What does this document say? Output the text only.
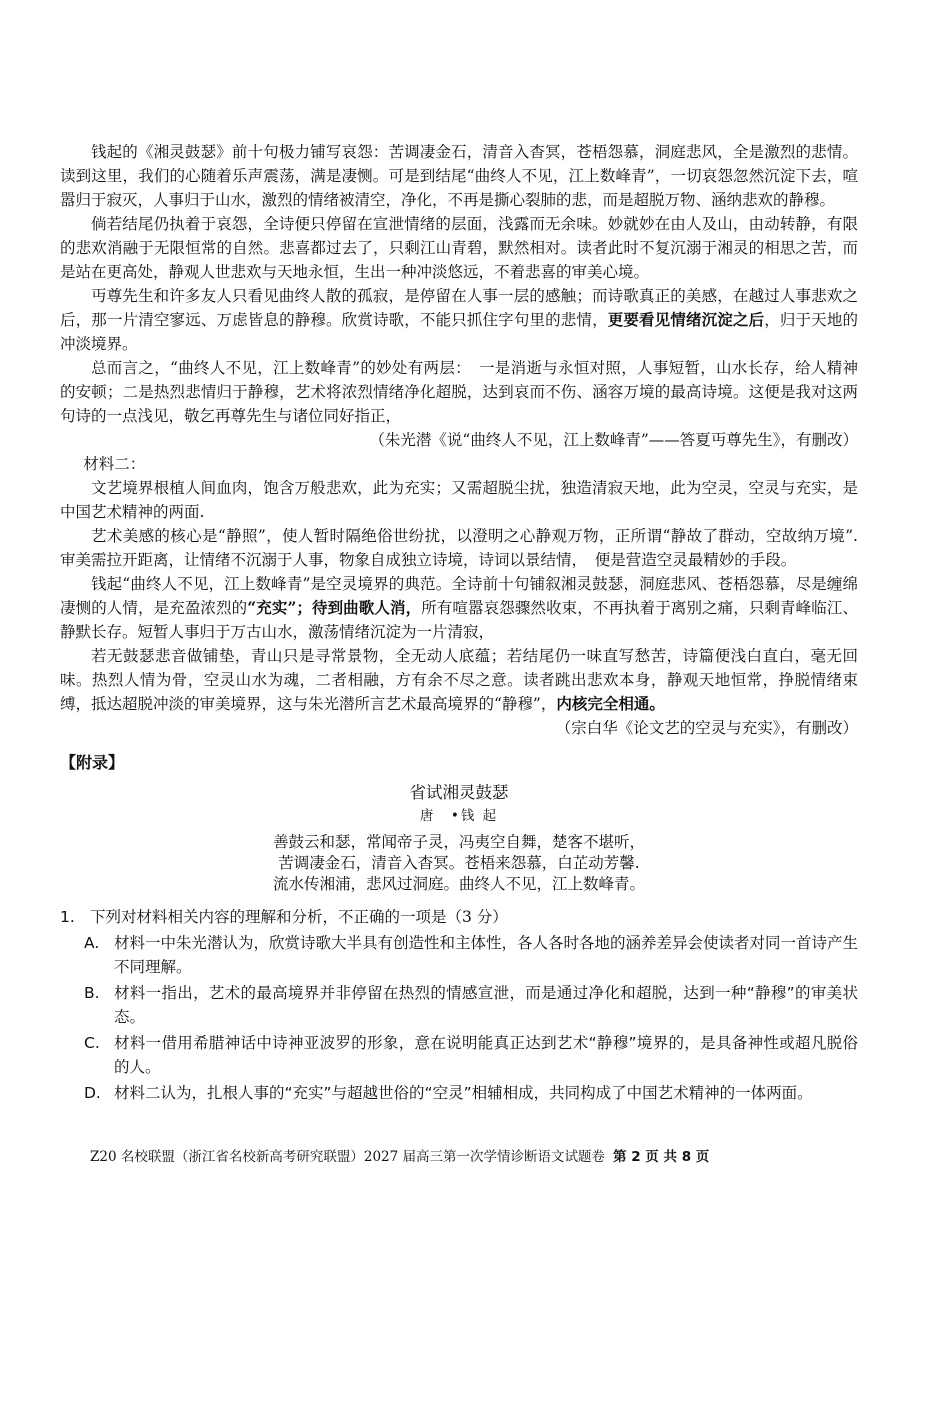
钱起的《湘灵鼓瑟》前十句极力铺写哀怨：苦调凄金石，清音入杳冥，苍梧怨慕，洞庭悲风，全是激烈的悲情。读到这里，我们的心随着乐声震荡，满是凄恻。可是到结尾“曲终人不见，江上数峰青”，一切哀怨忽然沉淀下去，喧嚣归于寂灭，人事归于山水，激烈的情绪被清空，净化，不再是撕心裂肺的悲，而是超脱万物、涵纳悲欢的静穆。

倘若结尾仍执着于哀怨，全诗便只停留在宣泄情绪的层面，浅露而无余味。妙就妙在由人及山，由动转静，有限的悲欢消融于无限恒常的自然。悲喜都过去了，只剩江山青碧，默然相对。读者此时不复沉溺于湘灵的相思之苦，而是站在更高处，静观人世悲欢与天地永恒，生出一种冲淡悠远，不着悲喜的审美心境。

丏尊先生和许多友人只看见曲终人散的孤寂，是停留在人事一层的感触；而诗歌真正的美感，在越过人事悲欢之后，那一片清空寥远、万虑皆息的静穆。欣赏诗歌，不能只抓住字句里的悲情，更要看见情绪沉淀之后，归于天地的冲淡境界。

总而言之，“曲终人不见，江上数峰青”的妙处有两层：　一是消逝与永恒对照，人事短暂，山水长存，给人精神的安顿；二是热烈悲情归于静穆，艺术将浓烈情绪净化超脱，达到哀而不伤、涵容万境的最高诗境。这便是我对这两句诗的一点浅见，敬乞再尊先生与诸位同好指正，

（朱光潜《说“曲终人不见，江上数峰青”——答夏丏尊先生》，有删改）

材料二：

文艺境界根植人间血肉，饱含万般悲欢，此为充实；又需超脱尘扰，独造清寂天地，此为空灵，空灵与充实，是中国艺术精神的两面.

艺术美感的核心是“静照”，使人暂时隔绝俗世纷扰，以澄明之心静观万物，正所谓“静故了群动，空故纳万境”. 审美需拉开距离，让情绪不沉溺于人事，物象自成独立诗境，诗词以景结情，　便是营造空灵最精妙的手段。

钱起“曲终人不见，江上数峰青”是空灵境界的典范。全诗前十句铺叙湘灵鼓瑟，洞庭悲风、苍梧怨慕，尽是缠绵凄恻的人情，是充盈浓烈的“充实”；待到曲歌人消，所有喧嚣哀怨骤然收束，不再执着于离别之痛，只剩青峰临江、静默长存。短暂人事归于万古山水，激荡情绪沉淀为一片清寂，

若无鼓瑟悲音做铺垫，青山只是寻常景物，全无动人底蕴；若结尾仍一味直写愁苦，诗篇便浅白直白，毫无回味。热烈人情为骨，空灵山水为魂，二者相融，方有余不尽之意。读者跳出悲欢本身，静观天地恒常，挣脱情绪束缚，抵达超脱冲淡的审美境界，这与朱光潜所言艺术最高境界的“静穆”，内核完全相通。

（宗白华《论文艺的空灵与充实》，有删改）

【附录】

省试湘灵鼓瑟

唐　•钱 起

善鼓云和瑟，常闻帝子灵，冯夷空自舞，楚客不堪听，

苦调凄金石，清音入杳冥。苍梧来怨慕，白芷动芳馨.

流水传湘浦，悲风过洞庭。曲终人不见，江上数峰青。

1. 下列对材料相关内容的理解和分析，不正确的一项是（3 分）

A. 材料一中朱光潜认为，欣赏诗歌大半具有创造性和主体性，各人各时各地的涵养差异会使读者对同一首诗产生不同理解。
B. 材料一指出，艺术的最高境界并非停留在热烈的情感宣泄，而是通过净化和超脱，达到一种“静穆”的审美状态。
C. 材料一借用希腊神话中诗神亚波罗的形象，意在说明能真正达到艺术“静穆”境界的，是具备神性或超凡脱俗的人。
D. 材料二认为，扎根人事的“充实”与超越世俗的“空灵”相辅相成，共同构成了中国艺术精神的一体两面。
Z20 名校联盟（浙江省名校新高考研究联盟）2027 届高三第一次学情诊断语文试题卷 第 2 页 共 8 页
